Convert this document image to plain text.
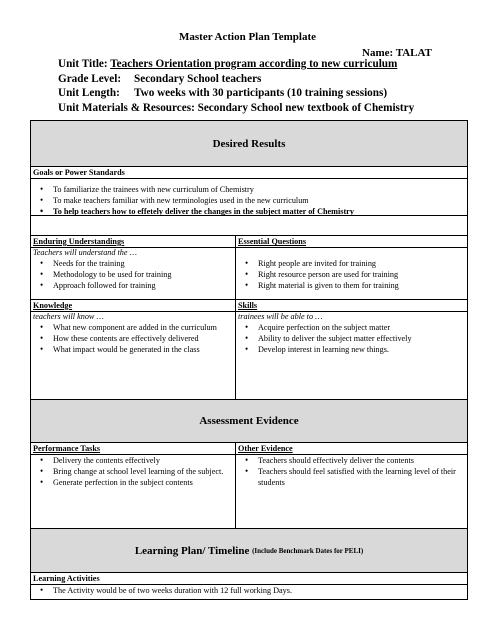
Master Action Plan Template
Name: TALAT
Unit Title: Teachers Orientation program according to new curriculum
Grade Level: Secondary School teachers
Unit Length: Two weeks with 30 participants (10 training sessions)
Unit Materials & Resources: Secondary School new textbook of Chemistry
Desired Results
Goals or Power Standards
• To familiarize the trainees with new curriculum of Chemistry
• To make teachers familiar with new terminologies used in the new curriculum
• To help teachers how to effetely deliver the changes in the subject matter of Chemistry
Enduring Understandings
Teachers will understand the …
• Needs for the training
• Methodology to be used for training
• Approach followed for training
Essential Questions
• Right people are invited for training
• Right resource person are used for training
• Right material is given to them for training
Knowledge
teachers will know …
• What new component are added in the curriculum
• How these contents are effectively delivered
• What impact would be generated in the class
Skills
trainees will be able to …
• Acquire perfection on the subject matter
• Ability to deliver the subject matter effectively
• Develop interest in learning new things.
Assessment Evidence
Performance Tasks
• Delivery the contents effectively
• Bring change at school level learning of the subject.
• Generate perfection in the subject contents
Other Evidence
• Teachers should effectively deliver the contents
• Teachers should feel satisfied with the learning level of their students
Learning Plan/ Timeline
(Include Benchmark Dates for PELI)
Learning Activities
• The Activity would be of two weeks duration with 12 full working Days.
